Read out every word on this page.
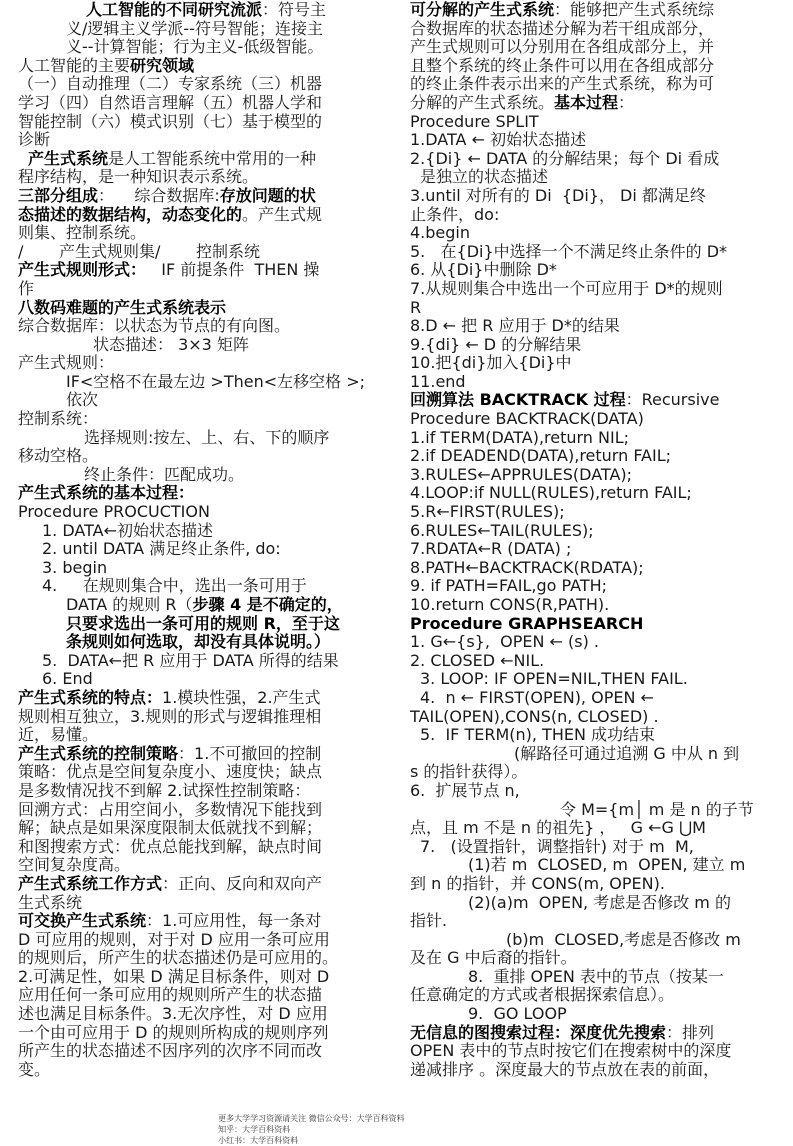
人工智能的不同研究流派：符号主

义/逻辑主义学派--符号智能；连接主

义--计算智能；行为主义-低级智能。

人工智能的主要研究领域

（一）自动推理（二）专家系统（三）机器

学习（四）自然语言理解（五）机器人学和

智能控制（六）模式识别（七）基于模型的

诊断

产生式系统是人工智能系统中常用的一种

程序结构，是一种知识表示系统。

三部分组成：    综合数据库:存放问题的状

态描述的数据结构，动态变化的。产生式规

则集、控制系统。

/       产生式规则集/       控制系统

产生式规则形式：   IF 前提条件  THEN 操

作

八数码难题的产生式系统表示

综合数据库：以状态为节点的有向图。

状态描述： 3×3 矩阵

产生式规则：

IF<空格不在最左边 >Then<左移空格 >;

依次

控制系统：

选择规则:按左、上、右、下的顺序

移动空格。

终止条件：匹配成功。

产生式系统的基本过程：

Procedure PROCUCTION

1. DATA←初始状态描述

2. until DATA 满足终止条件, do:

3. begin

4.     在规则集合中，选出一条可用于

DATA 的规则 R（步骤 4 是不确定的，

只要求选出一条可用的规则 R，至于这

条规则如何选取，却没有具体说明。）

5.  DATA←把 R 应用于 DATA 所得的结果

6. End

产生式系统的特点：1.模块性强，2.产生式

规则相互独立，3.规则的形式与逻辑推理相

近，易懂。

产生式系统的控制策略：1.不可撤回的控制

策略：优点是空间复杂度小、速度快；缺点

是多数情况找不到解 2.试探性控制策略：

回溯方式：占用空间小，多数情况下能找到

解；缺点是如果深度限制太低就找不到解；

和图搜索方式：优点总能找到解，缺点时间

空间复杂度高。

产生式系统工作方式：正向、反向和双向产

生式系统

可交换产生式系统：1.可应用性，每一条对

D 可应用的规则，对于对 D 应用一条可应用

的规则后，所产生的状态描述仍是可应用的。

2.可满足性，如果 D 满足目标条件，则对 D

应用任何一条可应用的规则所产生的状态描

述也满足目标条件。3.无次序性，对 D 应用

一个由可应用于 D 的规则所构成的规则序列

所产生的状态描述不因序列的次序不同而改

变。

可分解的产生式系统：能够把产生式系统综

合数据库的状态描述分解为若干组成部分，

产生式规则可以分别用在各组成部分上，并

且整个系统的终止条件可以用在各组成部分

的终止条件表示出来的产生式系统，称为可

分解的产生式系统。基本过程：

Procedure SPLIT

1.DATA ← 初始状态描述

2.{Di} ← DATA 的分解结果；每个 Di 看成

是独立的状态描述

3.until 对所有的 Di  {Di}， Di 都满足终

止条件，do:

4.begin

5.   在{Di}中选择一个不满足终止条件的 D*

6. 从{Di}中删除 D*

7.从规则集合中选出一个可应用于 D*的规则

R

8.D ← 把 R 应用于 D*的结果

9.{di} ← D 的分解结果

10.把{di}加入{Di}中

11.end

回溯算法 BACKTRACK 过程：Recursive

Procedure BACKTRACK(DATA)

1.if TERM(DATA),return NIL;

2.if DEADEND(DATA),return FAIL;

3.RULES←APPRULES(DATA);

4.LOOP:if NULL(RULES),return FAIL;

5.R←FIRST(RULES);

6.RULES←TAIL(RULES);

7.RDATA←R (DATA) ;

8.PATH←BACKTRACK(RDATA);

9. if PATH=FAIL,go PATH;

10.return CONS(R,PATH).

Procedure GRAPHSEARCH

1. G←{s},  OPEN ← (s) .

2. CLOSED ←NIL.

3. LOOP: IF OPEN=NIL,THEN FAIL.

4.  n ← FIRST(OPEN), OPEN ←

TAIL(OPEN),CONS(n, CLOSED) .

5.  IF TERM(n), THEN 成功结束

(解路径可通过追溯 G 中从 n 到

s 的指针获得）。

6.  扩展节点 n,

令 M={m│ m 是 n 的子节

点，且 m 不是 n 的祖先} ，   G ←G ⋃M

7.   (设置指针，调整指针) 对于 m  M,

(1)若 m  CLOSED, m  OPEN, 建立 m

到 n 的指针，并 CONS(m, OPEN).

(2)(a)m  OPEN, 考虑是否修改 m 的

指针.

(b)m  CLOSED,考虑是否修改 m

及在 G 中后裔的指针。

8.  重排 OPEN 表中的节点（按某一

任意确定的方式或者根据探索信息）。

9.  GO LOOP

无信息的图搜索过程：深度优先搜索：排列

OPEN 表中的节点时按它们在搜索树中的深度

递减排序 。深度最大的节点放在表的前面，

更多大学学习资源请关注 微信公众号：大学百科资料
知乎：大学百科资料
小红书：大学百科资料
